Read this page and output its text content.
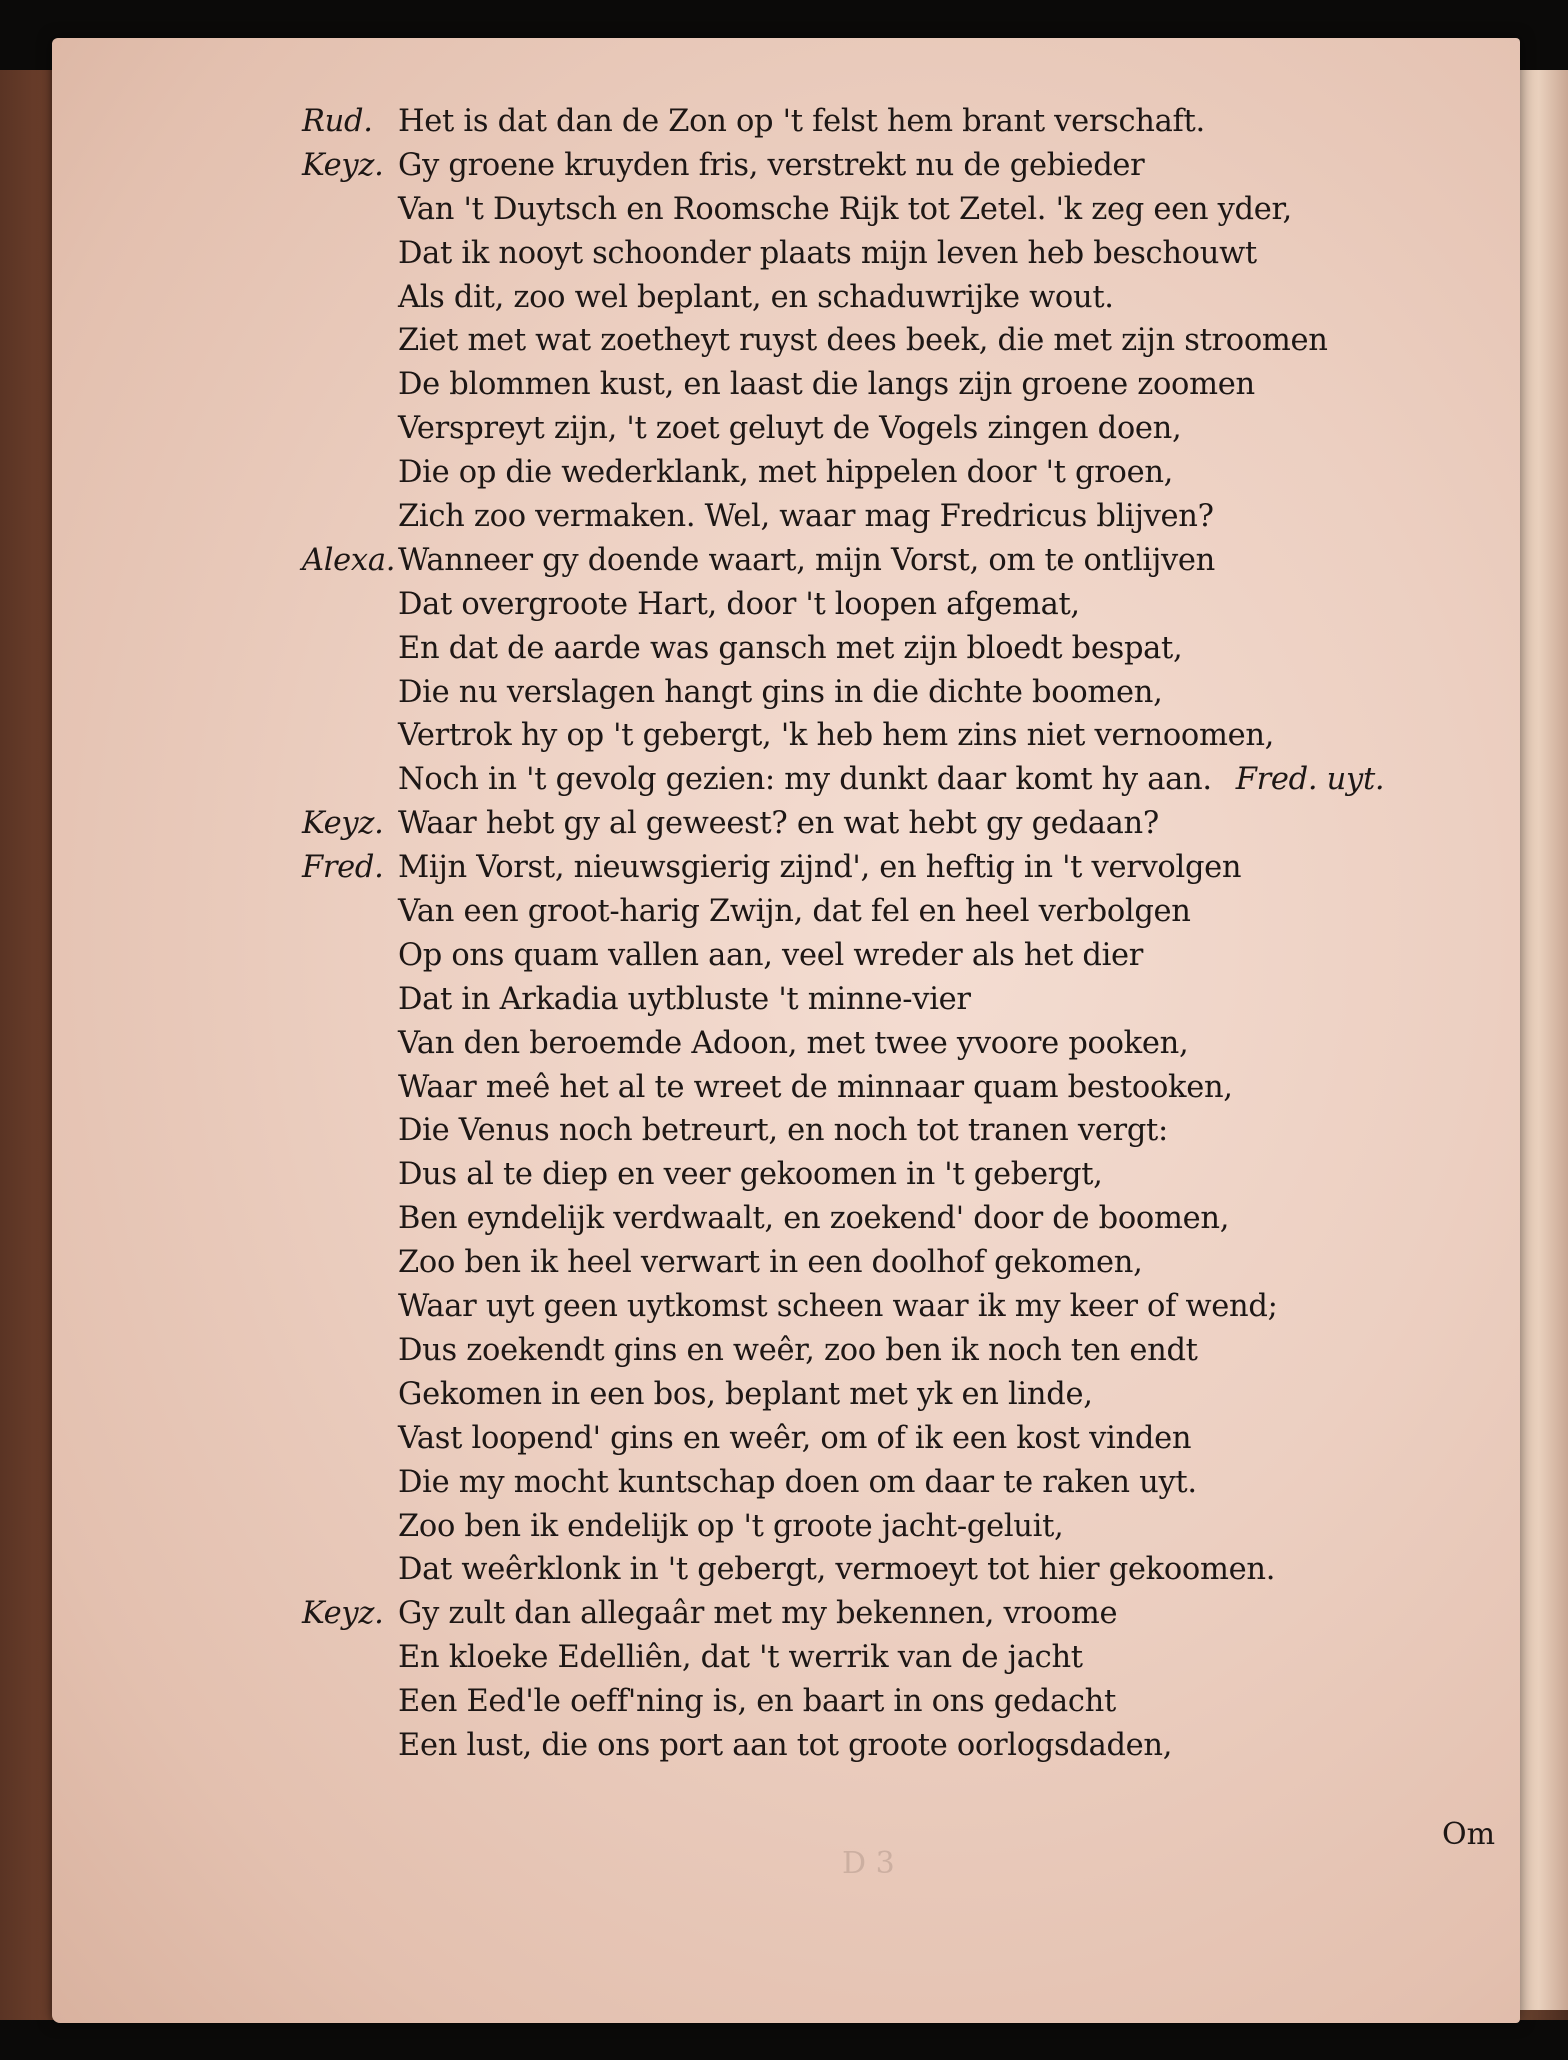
Rud. Het is dat dan de Zon op 't felst hem brant verschaft.
Keyz. Gy groene kruyden fris, verstrekt nu de gebieder
Van 't Duytsch en Roomsche Rijk tot Zetel. 'k zeg een yder,
Dat ik nooyt schoonder plaats mijn leven heb beschouwt
Als dit, zoo wel beplant, en schaduwrijke wout.
Ziet met wat zoetheyt ruyst dees beek, die met zijn stroomen
De blommen kust, en laast die langs zijn groene zoomen
Verspreyt zijn, 't zoet geluyt de Vogels zingen doen,
Die op die wederklank, met hippelen door 't groen,
Zich zoo vermaken. Wel, waar mag Fredricus blijven?
Alexa. Wanneer gy doende waart, mijn Vorst, om te ontlijven
Dat overgroote Hart, door 't loopen afgemat,
En dat de aarde was gansch met zijn bloedt bespat,
Die nu verslagen hangt gins in die dichte boomen,
Vertrok hy op 't gebergt, 'k heb hem zins niet vernoomen,
Noch in 't gevolg gezien: my dunkt daar komt hy aan. Fred. uyt.
Keyz. Waar hebt gy al geweest? en wat hebt gy gedaan?
Fred. Mijn Vorst, nieuwsgierig zijnd', en heftig in 't vervolgen
Van een groot-harig Zwijn, dat fel en heel verbolgen
Op ons quam vallen aan, veel wreder als het dier
Dat in Arkadia uytbluste 't minne-vier
Van den beroemde Adoon, met twee yvoore pooken,
Waar meê het al te wreet de minnaar quam bestooken,
Die Venus noch betreurt, en noch tot tranen vergt:
Dus al te diep en veer gekoomen in 't gebergt,
Ben eyndelijk verdwaalt, en zoekend' door de boomen,
Zoo ben ik heel verwart in een doolhof gekomen,
Waar uyt geen uytkomst scheen waar ik my keer of wend;
Dus zoekendt gins en weêr, zoo ben ik noch ten endt
Gekomen in een bos, beplant met yk en linde,
Vast loopend' gins en weêr, om of ik een kost vinden
Die my mocht kuntschap doen om daar te raken uyt.
Zoo ben ik endelijk op 't groote jacht-geluit,
Dat weêrklonk in 't gebergt, vermoeyt tot hier gekoomen.
Keyz. Gy zult dan allegaâr met my bekennen, vroome
En kloeke Edelliên, dat 't werrik van de jacht
Een Eed'le oeff'ning is, en baart in ons gedacht
Een lust, die ons port aan tot groote oorlogsdaden,
D 3
Om
